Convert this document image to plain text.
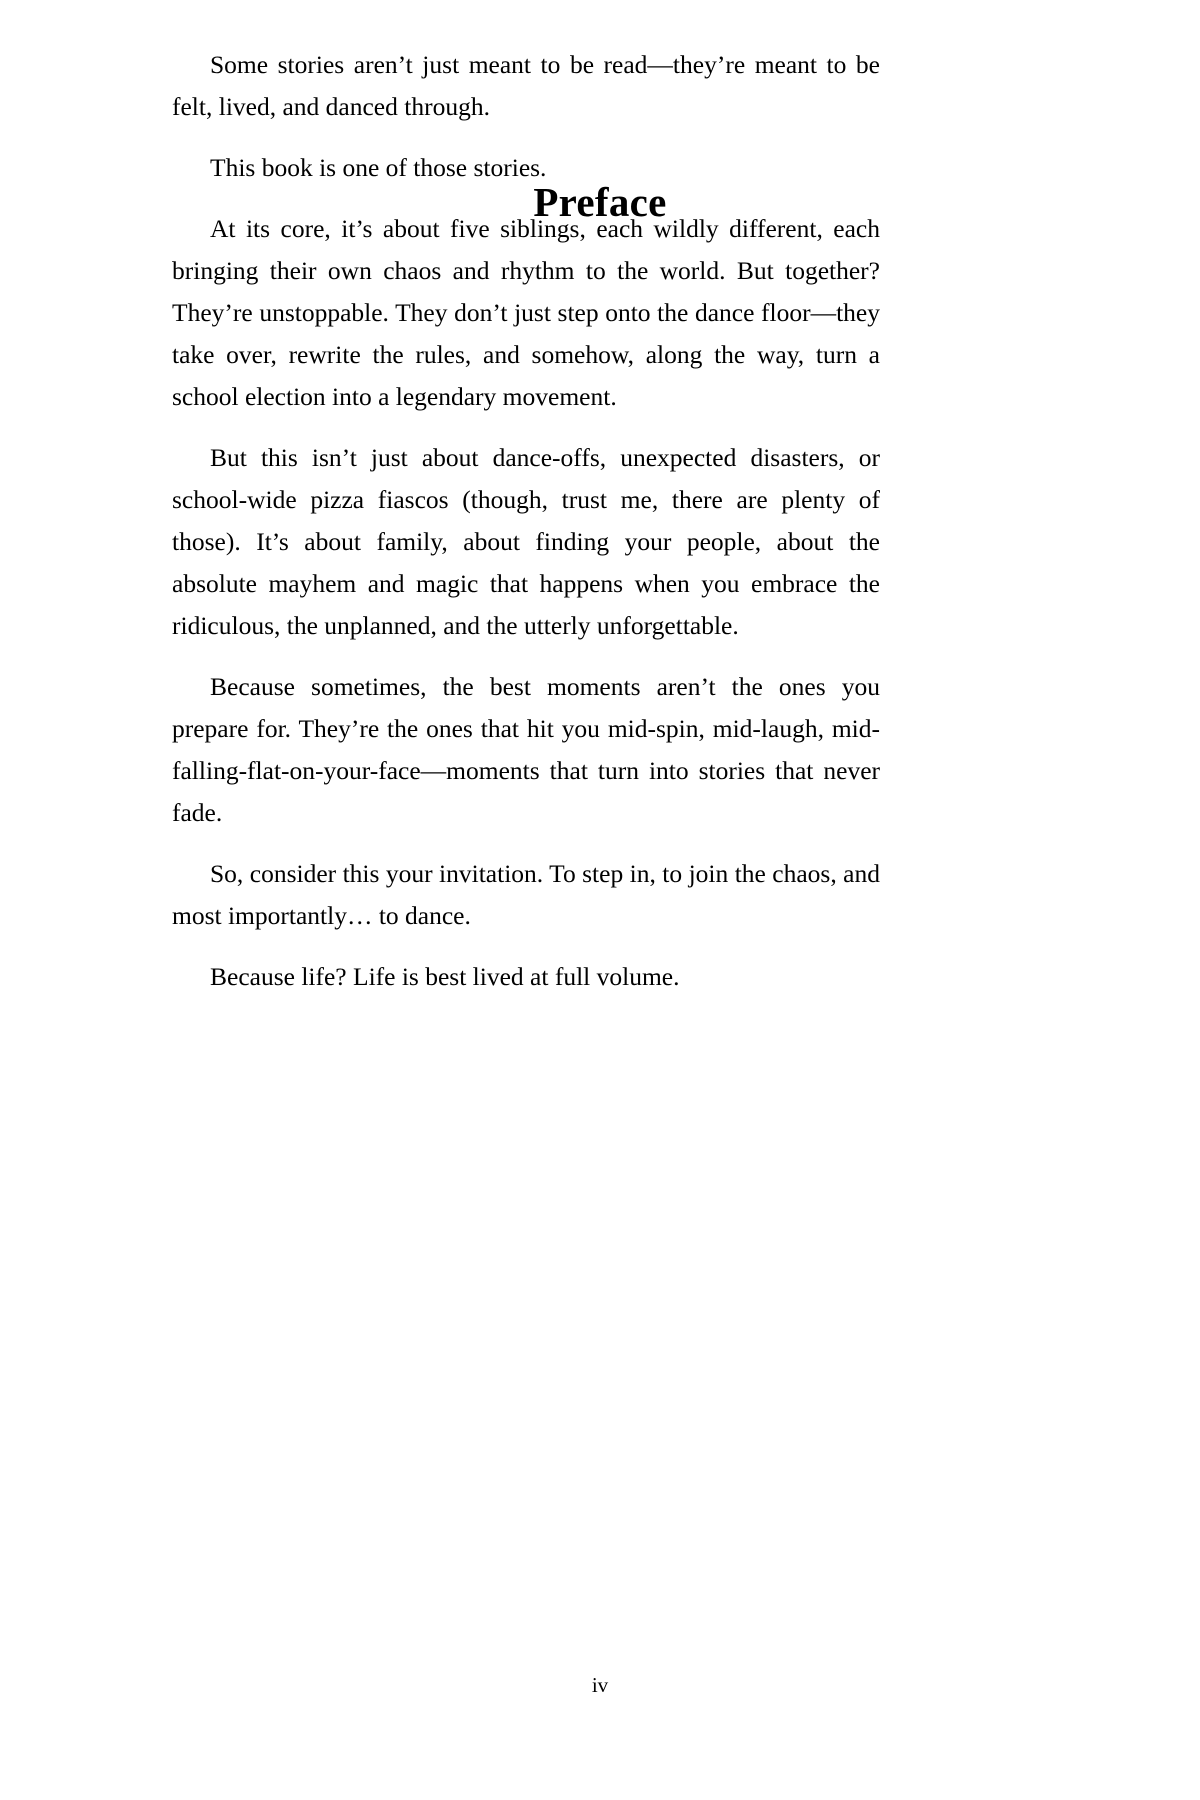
Preface

Some stories aren’t just meant to be read—they’re meant to be felt, lived, and danced through.

This book is one of those stories.

At its core, it’s about five siblings, each wildly different, each bringing their own chaos and rhythm to the world. But together? They’re unstoppable. They don’t just step onto the dance floor—they take over, rewrite the rules, and somehow, along the way, turn a school election into a legendary movement.

But this isn’t just about dance-offs, unexpected disasters, or school-wide pizza fiascos (though, trust me, there are plenty of those). It’s about family, about finding your people, about the absolute mayhem and magic that happens when you embrace the ridiculous, the unplanned, and the utterly unforgettable.

Because sometimes, the best moments aren’t the ones you prepare for. They’re the ones that hit you mid-spin, mid-laugh, mid-falling-flat-on-your-face—moments that turn into stories that never fade.

So, consider this your invitation. To step in, to join the chaos, and most importantly… to dance.

Because life? Life is best lived at full volume.

iv
